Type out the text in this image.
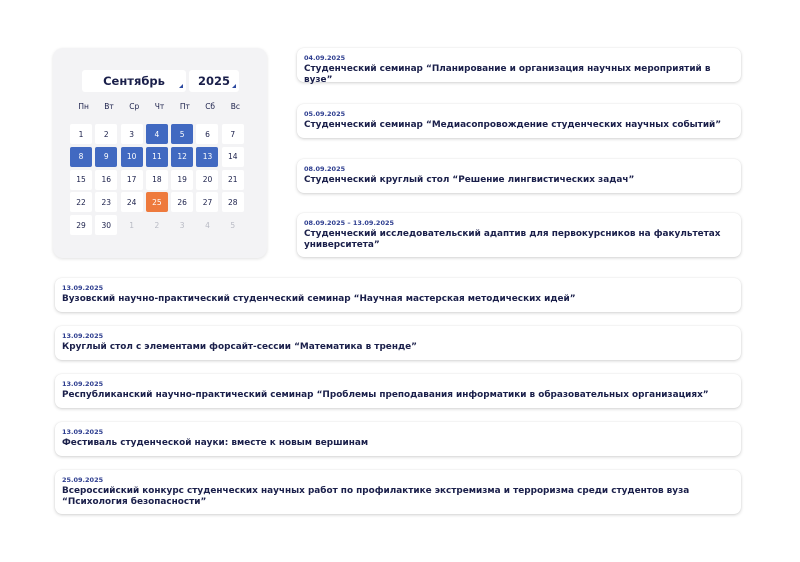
Сентябрь	2025
Пн	Вт	Ср	Чт	Пт	Сб	Вс
1	2	3	4	5	6	7
8	9	10	11	12	13	14
15	16	17	18	19	20	21
22	23	24	25	26	27	28
29	30	1	2	3	4	5
04.09.2025
Студенческий семинар “Планирование и организация научных мероприятий в вузе”
05.09.2025
Студенческий семинар “Медиасопровождение студенческих научных событий”
08.09.2025
Студенческий круглый стол “Решение лингвистических задач”
08.09.2025 – 13.09.2025
Студенческий исследовательский адаптив для первокурсников на факультетах университета”
13.09.2025
Вузовский научно-практический студенческий семинар “Научная мастерская методических идей”
13.09.2025
Круглый стол с элементами форсайт-сессии “Математика в тренде”
13.09.2025
Республиканский научно-практический семинар “Проблемы преподавания информатики в образовательных организациях”
13.09.2025
Фестиваль студенческой науки: вместе к новым вершинам
25.09.2025
Всероссийский конкурс студенческих научных работ по профилактике экстремизма и терроризма среди студентов вуза “Психология безопасности”
